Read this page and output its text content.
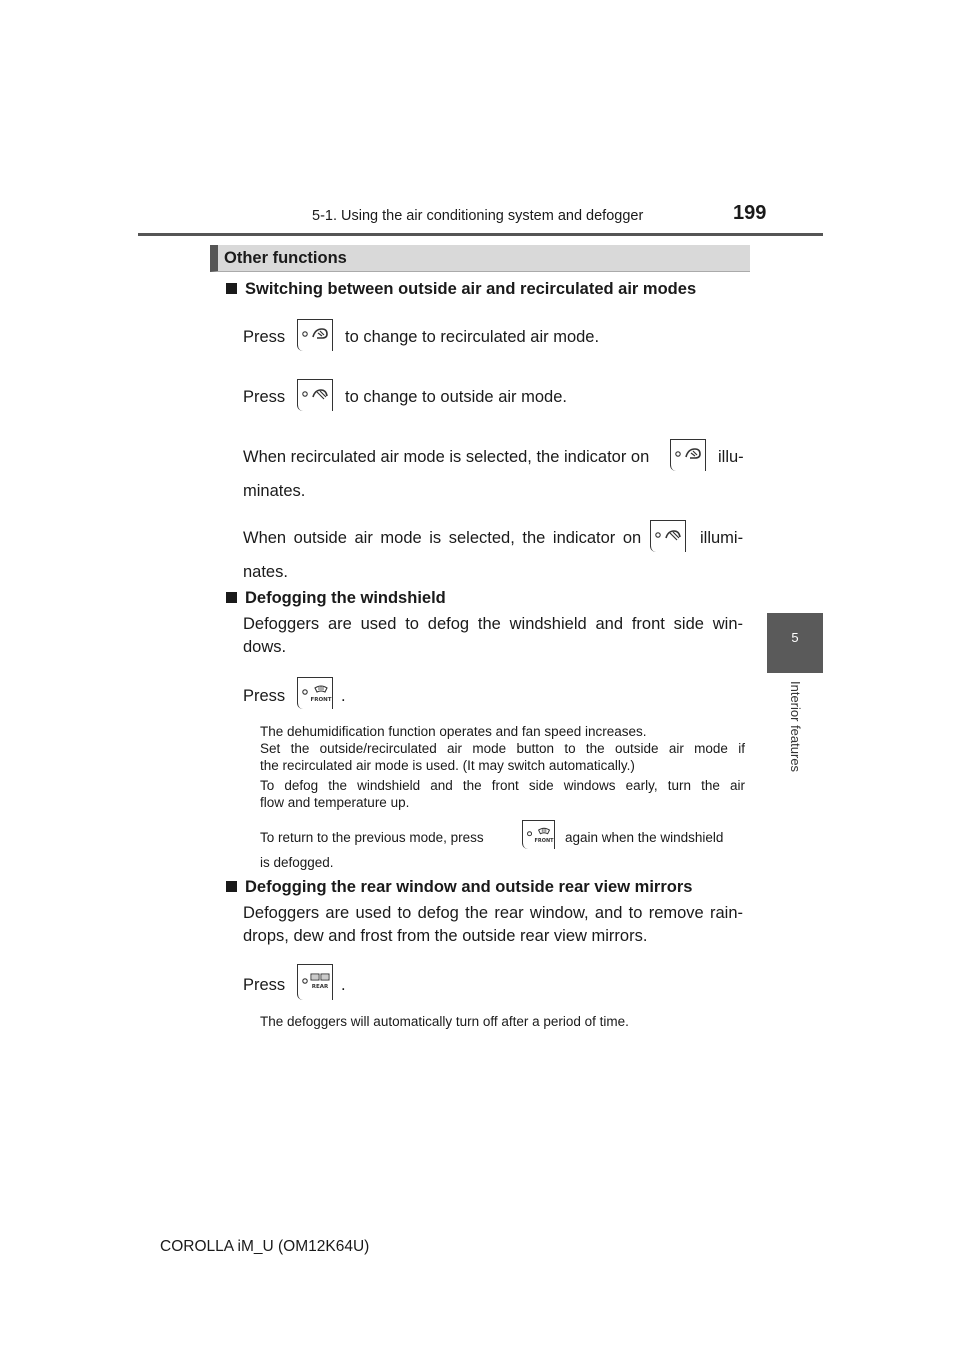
5-1. Using the air conditioning system and defogger	199
5
Interior features
Other functions
Switching between outside air and recirculated air modes
Press	to change to recirculated air mode.
Press	to change to outside air mode.
When recirculated air mode is selected, the indicator on	illu-
minates.
When outside air mode is selected, the indicator on	illumi-
nates.
Defogging the windshield
Defoggers are used to defog the windshield and front side win-
dows.
Press	FRONT .
The dehumidification function operates and fan speed increases.
Set the outside/recirculated air mode button to the outside air mode if
the recirculated air mode is used. (It may switch automatically.)
To defog the windshield and the front side windows early, turn the air
flow and temperature up.
To return to the previous mode, press	FRONT again when the windshield
is defogged.
Defogging the rear window and outside rear view mirrors
Defoggers are used to defog the rear window, and to remove rain-
drops, dew and frost from the outside rear view mirrors.
Press	REAR .
The defoggers will automatically turn off after a period of time.
COROLLA iM_U (OM12K64U)
